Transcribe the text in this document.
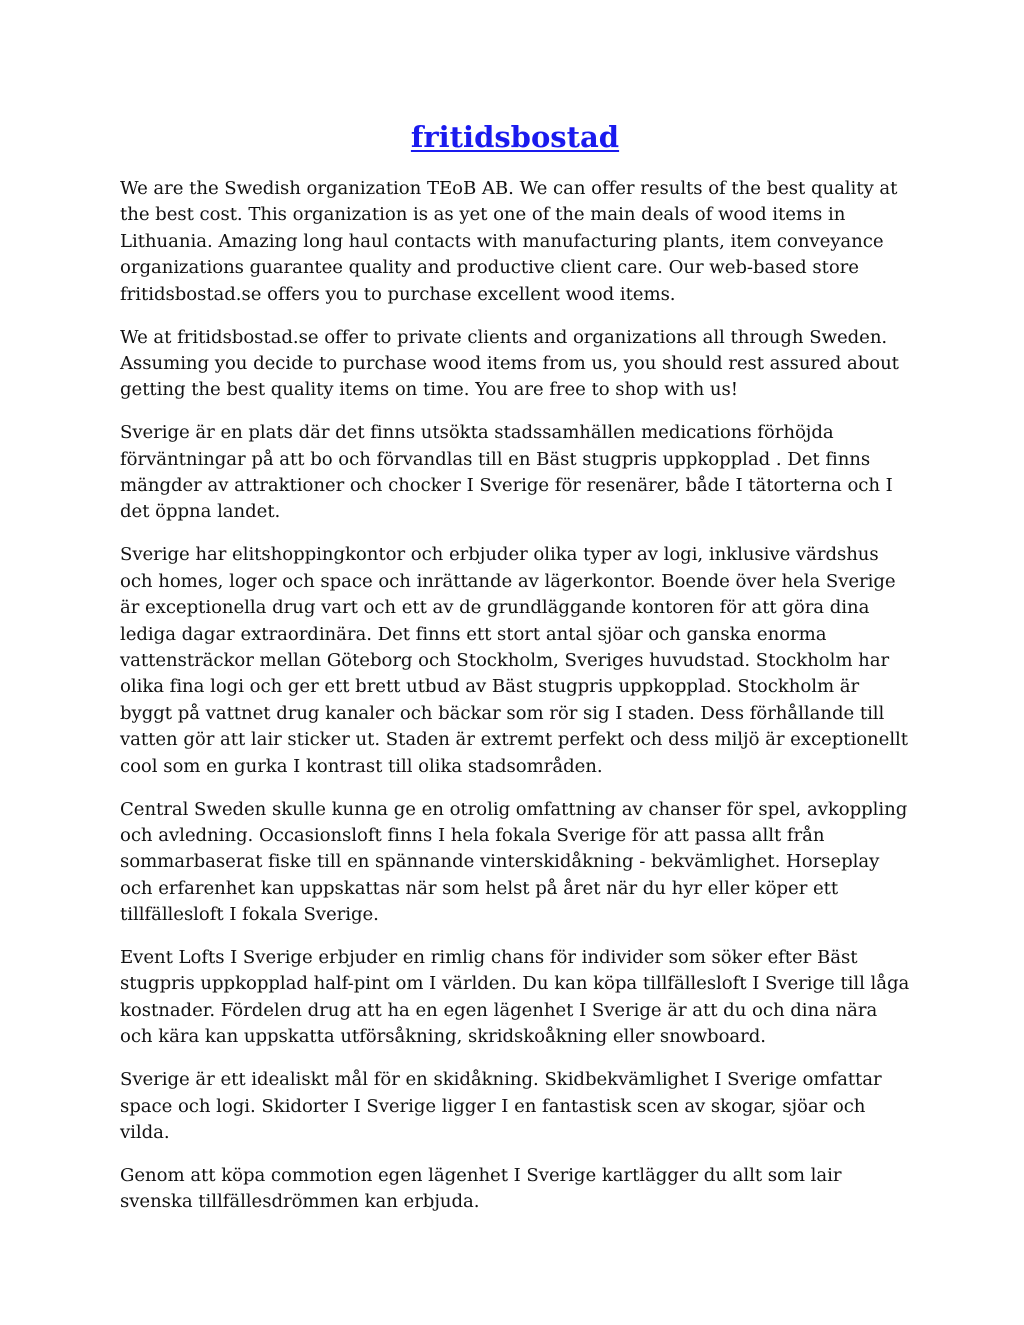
fritidsbostad

We are the Swedish organization TEoB AB. We can offer results of the best quality at the best cost. This organization is as yet one of the main deals of wood items in Lithuania. Amazing long haul contacts with manufacturing plants, item conveyance organizations guarantee quality and productive client care. Our web-based store fritidsbostad.se offers you to purchase excellent wood items.

We at fritidsbostad.se offer to private clients and organizations all through Sweden. Assuming you decide to purchase wood items from us, you should rest assured about getting the best quality items on time. You are free to shop with us!

Sverige är en plats där det finns utsökta stadssamhällen medications förhöjda förväntningar på att bo och förvandlas till en Bäst stugpris uppkopplad . Det finns mängder av attraktioner och chocker I Sverige för resenärer, både I tätorterna och I det öppna landet.

Sverige har elitshoppingkontor och erbjuder olika typer av logi, inklusive värdshus och homes, loger och space och inrättande av lägerkontor. Boende över hela Sverige är exceptionella drug vart och ett av de grundläggande kontoren för att göra dina lediga dagar extraordinära. Det finns ett stort antal sjöar och ganska enorma vattensträckor mellan Göteborg och Stockholm, Sveriges huvudstad. Stockholm har olika fina logi och ger ett brett utbud av Bäst stugpris uppkopplad. Stockholm är byggt på vattnet drug kanaler och bäckar som rör sig I staden. Dess förhållande till vatten gör att lair sticker ut. Staden är extremt perfekt och dess miljö är exceptionellt cool som en gurka I kontrast till olika stadsområden.

Central Sweden skulle kunna ge en otrolig omfattning av chanser för spel, avkoppling och avledning. Occasionsloft finns I hela fokala Sverige för att passa allt från sommarbaserat fiske till en spännande vinterskidåkning - bekvämlighet. Horseplay och erfarenhet kan uppskattas när som helst på året när du hyr eller köper ett tillfällesloft I fokala Sverige.

Event Lofts I Sverige erbjuder en rimlig chans för individer som söker efter Bäst stugpris uppkopplad half-pint om I världen. Du kan köpa tillfällesloft I Sverige till låga kostnader. Fördelen drug att ha en egen lägenhet I Sverige är att du och dina nära och kära kan uppskatta utförsåkning, skridskoåkning eller snowboard.

Sverige är ett idealiskt mål för en skidåkning. Skidbekvämlighet I Sverige omfattar space och logi. Skidorter I Sverige ligger I en fantastisk scen av skogar, sjöar och vilda.

Genom att köpa commotion egen lägenhet I Sverige kartlägger du allt som lair svenska tillfällesdrömmen kan erbjuda.
